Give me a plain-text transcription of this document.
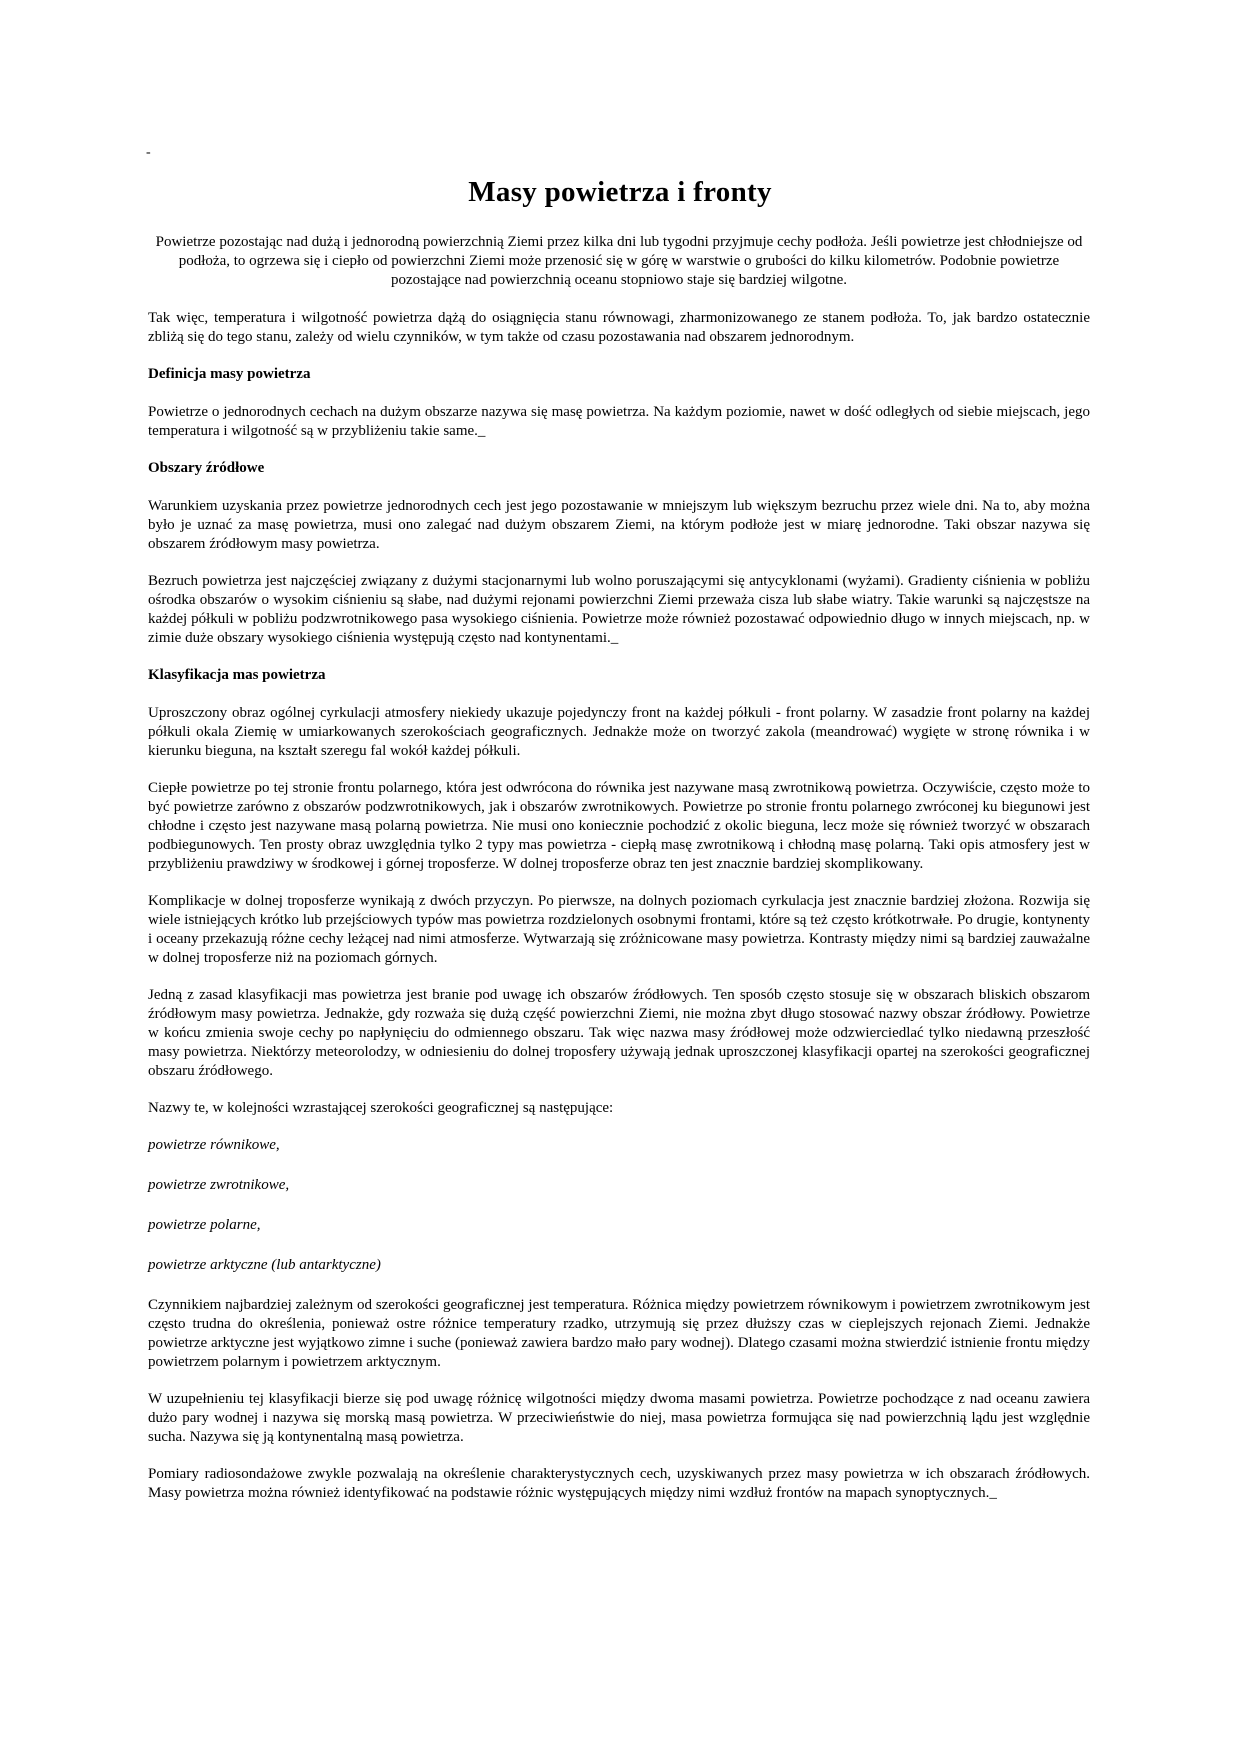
-
Masy powietrza i fronty

Powietrze pozostając nad dużą i jednorodną powierzchnią Ziemi przez kilka dni lub tygodni przyjmuje cechy podłoża. Jeśli powietrze jest chłodniejsze od podłoża, to ogrzewa się i ciepło od powierzchni Ziemi może przenosić się w górę w warstwie o grubości do kilku kilometrów. Podobnie powietrze pozostające nad powierzchnią oceanu stopniowo staje się bardziej wilgotne.

Tak więc, temperatura i wilgotność powietrza dążą do osiągnięcia stanu równowagi, zharmonizowanego ze stanem podłoża. To, jak bardzo ostatecznie zbliżą się do tego stanu, zależy od wielu czynników, w tym także od czasu pozostawania nad obszarem jednorodnym.

Definicja masy powietrza

Powietrze o jednorodnych cechach na dużym obszarze nazywa się masę powietrza. Na każdym poziomie, nawet w dość odległych od siebie miejscach, jego temperatura i wilgotność są w przybliżeniu takie same._

Obszary źródłowe

Warunkiem uzyskania przez powietrze jednorodnych cech jest jego pozostawanie w mniejszym lub większym bezruchu przez wiele dni. Na to, aby można było je uznać za masę powietrza, musi ono zalegać nad dużym obszarem Ziemi, na którym podłoże jest w miarę jednorodne. Taki obszar nazywa się obszarem źródłowym masy powietrza.

Bezruch powietrza jest najczęściej związany z dużymi stacjonarnymi lub wolno poruszającymi się antycyklonami (wyżami). Gradienty ciśnienia w pobliżu ośrodka obszarów o wysokim ciśnieniu są słabe, nad dużymi rejonami powierzchni Ziemi przeważa cisza lub słabe wiatry. Takie warunki są najczęstsze na każdej półkuli w pobliżu podzwrotnikowego pasa wysokiego ciśnienia. Powietrze może również pozostawać odpowiednio długo w innych miejscach, np. w zimie duże obszary wysokiego ciśnienia występują często nad kontynentami._

Klasyfikacja mas powietrza

Uproszczony obraz ogólnej cyrkulacji atmosfery niekiedy ukazuje pojedynczy front na każdej półkuli - front polarny. W zasadzie front polarny na każdej półkuli okala Ziemię w umiarkowanych szerokościach geograficznych. Jednakże może on tworzyć zakola (meandrować) wygięte w stronę równika i w kierunku bieguna, na kształt szeregu fal wokół każdej półkuli.

Ciepłe powietrze po tej stronie frontu polarnego, która jest odwrócona do równika jest nazywane masą zwrotnikową powietrza. Oczywiście, często może to być powietrze zarówno z obszarów podzwrotnikowych, jak i obszarów zwrotnikowych. Powietrze po stronie frontu polarnego zwróconej ku biegunowi jest chłodne i często jest nazywane masą polarną powietrza. Nie musi ono koniecznie pochodzić z okolic bieguna, lecz może się również tworzyć w obszarach podbiegunowych. Ten prosty obraz uwzględnia tylko 2 typy mas powietrza - ciepłą masę zwrotnikową i chłodną masę polarną. Taki opis atmosfery jest w przybliżeniu prawdziwy w środkowej i górnej troposferze. W dolnej troposferze obraz ten jest znacznie bardziej skomplikowany.

Komplikacje w dolnej troposferze wynikają z dwóch przyczyn. Po pierwsze, na dolnych poziomach cyrkulacja jest znacznie bardziej złożona. Rozwija się wiele istniejących krótko lub przejściowych typów mas powietrza rozdzielonych osobnymi frontami, które są też często krótkotrwałe. Po drugie, kontynenty i oceany przekazują różne cechy leżącej nad nimi atmosferze. Wytwarzają się zróżnicowane masy powietrza. Kontrasty między nimi są bardziej zauważalne w dolnej troposferze niż na poziomach górnych.

Jedną z zasad klasyfikacji mas powietrza jest branie pod uwagę ich obszarów źródłowych. Ten sposób często stosuje się w obszarach bliskich obszarom źródłowym masy powietrza. Jednakże, gdy rozważa się dużą część powierzchni Ziemi, nie można zbyt długo stosować nazwy obszar źródłowy. Powietrze w końcu zmienia swoje cechy po napłynięciu do odmiennego obszaru. Tak więc nazwa masy źródłowej może odzwierciedlać tylko niedawną przeszłość masy powietrza. Niektórzy meteorolodzy, w odniesieniu do dolnej troposfery używają jednak uproszczonej klasyfikacji opartej na szerokości geograficznej obszaru źródłowego.

Nazwy te, w kolejności wzrastającej szerokości geograficznej są następujące:

powietrze równikowe,

powietrze zwrotnikowe,

powietrze polarne,

powietrze arktyczne (lub antarktyczne)

Czynnikiem najbardziej zależnym od szerokości geograficznej jest temperatura. Różnica między powietrzem równikowym i powietrzem zwrotnikowym jest często trudna do określenia, ponieważ ostre różnice temperatury rzadko, utrzymują się przez dłuższy czas w cieplejszych rejonach Ziemi. Jednakże powietrze arktyczne jest wyjątkowo zimne i suche (ponieważ zawiera bardzo mało pary wodnej). Dlatego czasami można stwierdzić istnienie frontu między powietrzem polarnym i powietrzem arktycznym.

W uzupełnieniu tej klasyfikacji bierze się pod uwagę różnicę wilgotności między dwoma masami powietrza. Powietrze pochodzące z nad oceanu zawiera dużo pary wodnej i nazywa się morską masą powietrza. W przeciwieństwie do niej, masa powietrza formująca się nad powierzchnią lądu jest względnie sucha. Nazywa się ją kontynentalną masą powietrza.

Pomiary radiosondażowe zwykle pozwalają na określenie charakterystycznych cech, uzyskiwanych przez masy powietrza w ich obszarach źródłowych. Masy powietrza można również identyfikować na podstawie różnic występujących między nimi wzdłuż frontów na mapach synoptycznych._
